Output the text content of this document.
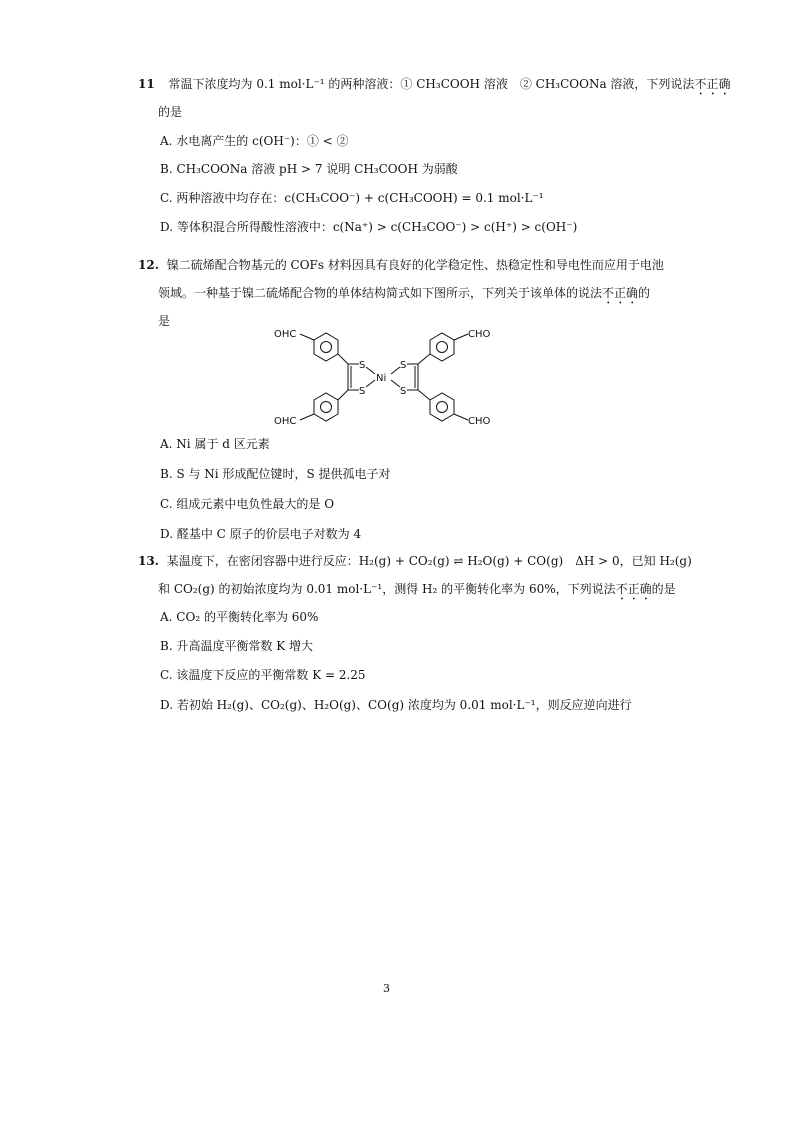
11 常温下浓度均为 0.1 mol·L⁻¹ 的两种溶液：① CH₃COOH 溶液　② CH₃COONa 溶液，下列说法不正确
的是
A. 水电离产生的 c(OH⁻)：① < ②
B. CH₃COONa 溶液 pH > 7 说明 CH₃COOH 为弱酸
C. 两种溶液中均存在：c(CH₃COO⁻) + c(CH₃COOH) = 0.1 mol·L⁻¹
D. 等体积混合所得酸性溶液中：c(Na⁺) > c(CH₃COO⁻) > c(H⁺) > c(OH⁻)
12. 镍二硫烯配合物基元的 COFs 材料因具有良好的化学稳定性、热稳定性和导电性而应用于电池
领域。一种基于镍二硫烯配合物的单体结构简式如下图所示，下列关于该单体的说法不正确的
是
OHC
OHC
CHO
CHO
S
S
S
S
Ni
A. Ni 属于 d 区元素
B. S 与 Ni 形成配位键时，S 提供孤电子对
C. 组成元素中电负性最大的是 O
D. 醛基中 C 原子的价层电子对数为 4
13. 某温度下，在密闭容器中进行反应：H₂(g) + CO₂(g) ⇌ H₂O(g) + CO(g)　ΔH > 0，已知 H₂(g)
和 CO₂(g) 的初始浓度均为 0.01 mol·L⁻¹，测得 H₂ 的平衡转化率为 60%，下列说法不正确的是
A. CO₂ 的平衡转化率为 60%
B. 升高温度平衡常数 K 增大
C. 该温度下反应的平衡常数 K = 2.25
D. 若初始 H₂(g)、CO₂(g)、H₂O(g)、CO(g) 浓度均为 0.01 mol·L⁻¹，则反应逆向进行
3
